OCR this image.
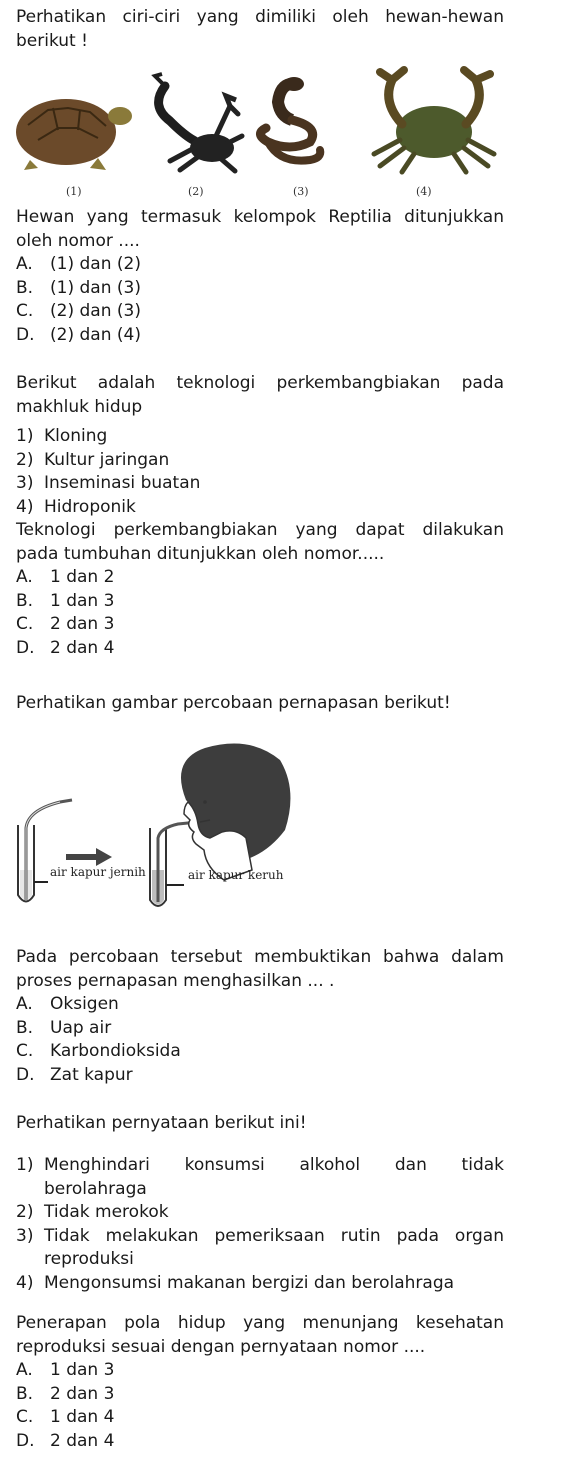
Perhatikan ciri-ciri yang dimiliki oleh hewan-hewan
berikut !
(1)	(2)	(3)	(4)
Hewan yang termasuk kelompok Reptilia ditunjukkan
oleh nomor ....
A.	(1) dan (2)
B. (1) dan (3)
C. (2) dan (3)
D. (2) dan (4)
Berikut adalah teknologi perkembangbiakan pada
makhluk hidup
1) Kloning
2) Kultur jaringan
3) Inseminasi buatan
4) Hidroponik
Teknologi perkembangbiakan yang dapat dilakukan
pada tumbuhan ditunjukkan oleh nomor.....
A.	1 dan 2
B. 1 dan 3
C. 2 dan 3
D. 2 dan 4
Perhatikan gambar percobaan pernapasan berikut!
air kapur jernih	air kapur keruh
Pada percobaan tersebut membuktikan bahwa dalam
proses pernapasan menghasilkan ... .
A.	Oksigen
B. Uap air
C. Karbondioksida
D. Zat kapur
Perhatikan pernyataan berikut ini!
1) Menghindari konsumsi alkohol dan tidak
berolahraga
2) Tidak merokok
3) Tidak melakukan pemeriksaan rutin pada organ
reproduksi
4) Mengonsumsi makanan bergizi dan berolahraga
Penerapan pola hidup yang menunjang kesehatan
reproduksi sesuai dengan pernyataan nomor ....
A.	1 dan 3
B. 2 dan 3
C. 1 dan 4
D. 2 dan 4
